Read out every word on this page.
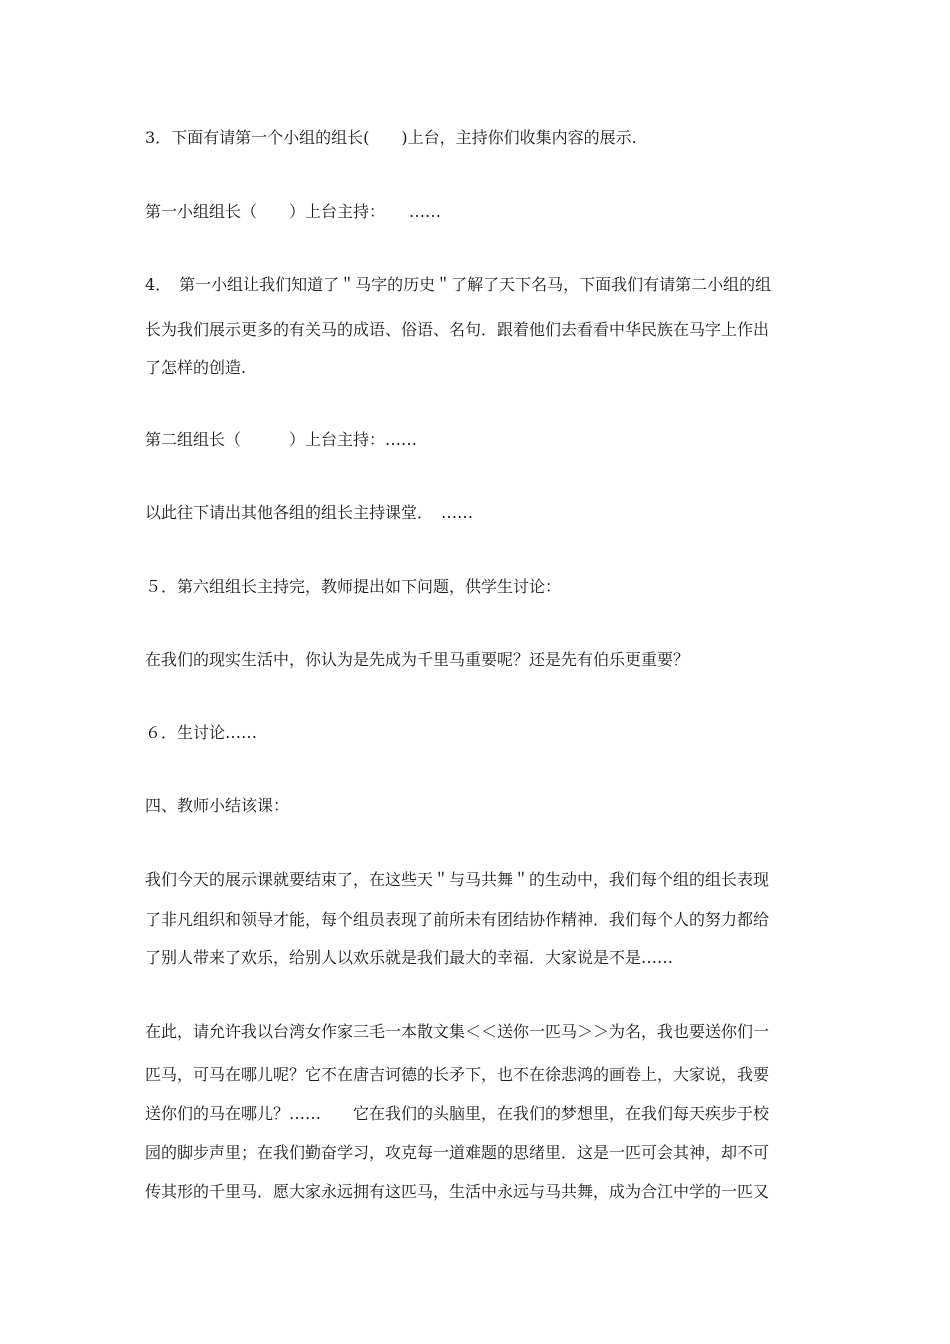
3．下面有请第一个小组的组长(　　)上台，主持你们收集内容的展示.
第一小组组长（　　）上台主持：　　……
4．　第一小组让我们知道了＂马字的历史＂了解了天下名马，下面我们有请第二小组的组
长为我们展示更多的有关马的成语、俗语、名句．跟着他们去看看中华民族在马字上作出
了怎样的创造.
第二组组长（　　　）上台主持：……
以此往下请出其他各组的组长主持课堂．　……
５．第六组组长主持完，教师提出如下问题，供学生讨论：
在我们的现实生活中，你认为是先成为千里马重要呢？还是先有伯乐更重要？
６．生讨论……
四、教师小结该课：
我们今天的展示课就要结束了，在这些天＂与马共舞＂的生动中，我们每个组的组长表现
了非凡组织和领导才能，每个组员表现了前所未有团结协作精神．我们每个人的努力都给
了别人带来了欢乐，给别人以欢乐就是我们最大的幸福．大家说是不是……
在此，请允许我以台湾女作家三毛一本散文集＜＜送你一匹马＞＞为名，我也要送你们一
匹马，可马在哪儿呢？它不在唐吉诃德的长矛下，也不在徐悲鸿的画卷上，大家说，我要
送你们的马在哪儿？……　　它在我们的头脑里，在我们的梦想里，在我们每天疾步于校
园的脚步声里；在我们勤奋学习，攻克每一道难题的思绪里．这是一匹可会其神，却不可
传其形的千里马．愿大家永远拥有这匹马，生活中永远与马共舞，成为合江中学的一匹又
